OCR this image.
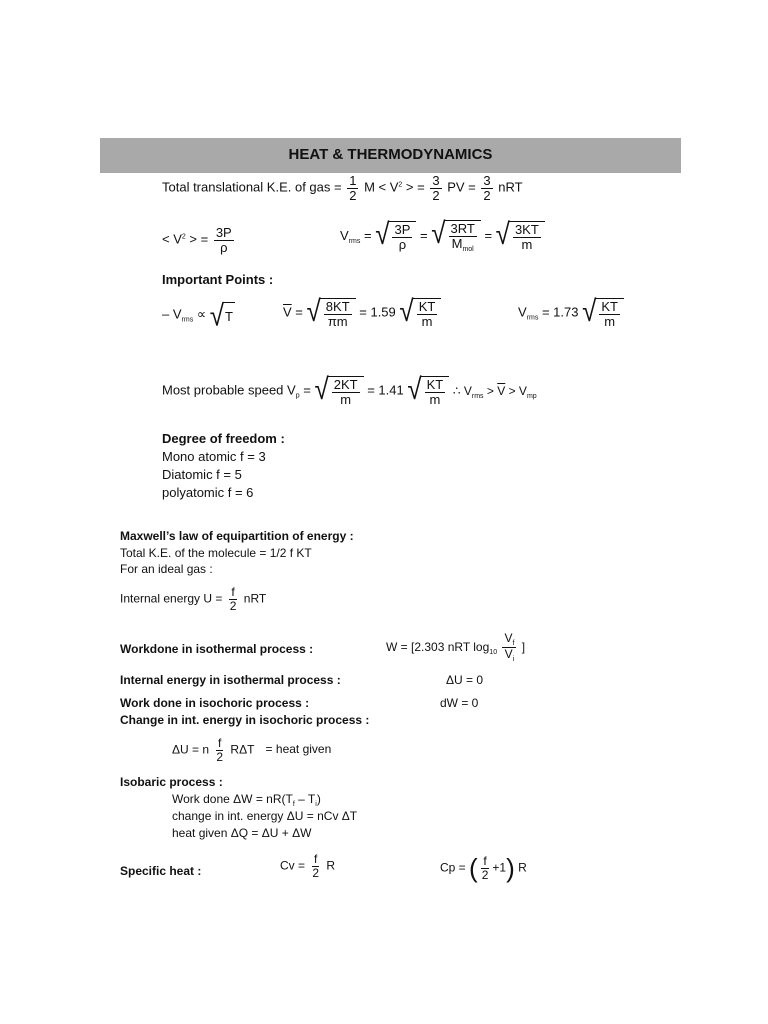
HEAT & THERMODYNAMICS
Total translational K.E. of gas = $\frac{1}{2}$ $M < V^2$ > = $\frac{3}{2}$ PV = $\frac{3}{2}$ nRT
< $V^2$ > = $\frac{3P}{\rho}$	$V_{rms}$ = √ $\frac{3P}{\rho}$ = √ $\frac{3RT}{M_{mol}}$ = √ $\frac{3KT}{m}$
Important Points :
– $V_{rms}$ ∝ √ T	$\overline{V}$ = √ $\frac{8KT}{\pi m} = 1.59$ √ $\frac{KT}{m}$	$V_{rms} = 1.73$ √ $\frac{KT}{m}$
Most probable speed $V_p$ = √ $\frac{2KT}{m} = 1.41$ √ $\frac{KT}{m}$ ∴ $V_{rms} > \overline{V} > V_{mp}$
Degree of freedom :
Mono atomic f = 3
Diatomic f = 5
polyatomic f = 6
Maxwell’s law of equipartition of energy :
Total K.E. of the molecule = 1/2 f KT
For an ideal gas :
Internal energy $U = \frac{f}{2}$ nRT
Workdone in isothermal process :	W = [2.303 nRT $\log_{10} \frac{V_f}{V_i}$ ]
Internal energy in isothermal process :	ΔU = 0
Work done in isochoric process :	dW = 0
Change in int. energy in isochoric process :
ΔU = n $\frac{f}{2}$ RΔT = heat given
Isobaric process :
Work done $\Delta W = nR(T_f - T_i)$
change in int. energy ΔU = nCv ΔT
heat given ΔQ = ΔU + ΔW
Specific heat :	$Cv = \frac{f}{2}$ R	Cp = ( $\frac{f}{2} +1$) R
